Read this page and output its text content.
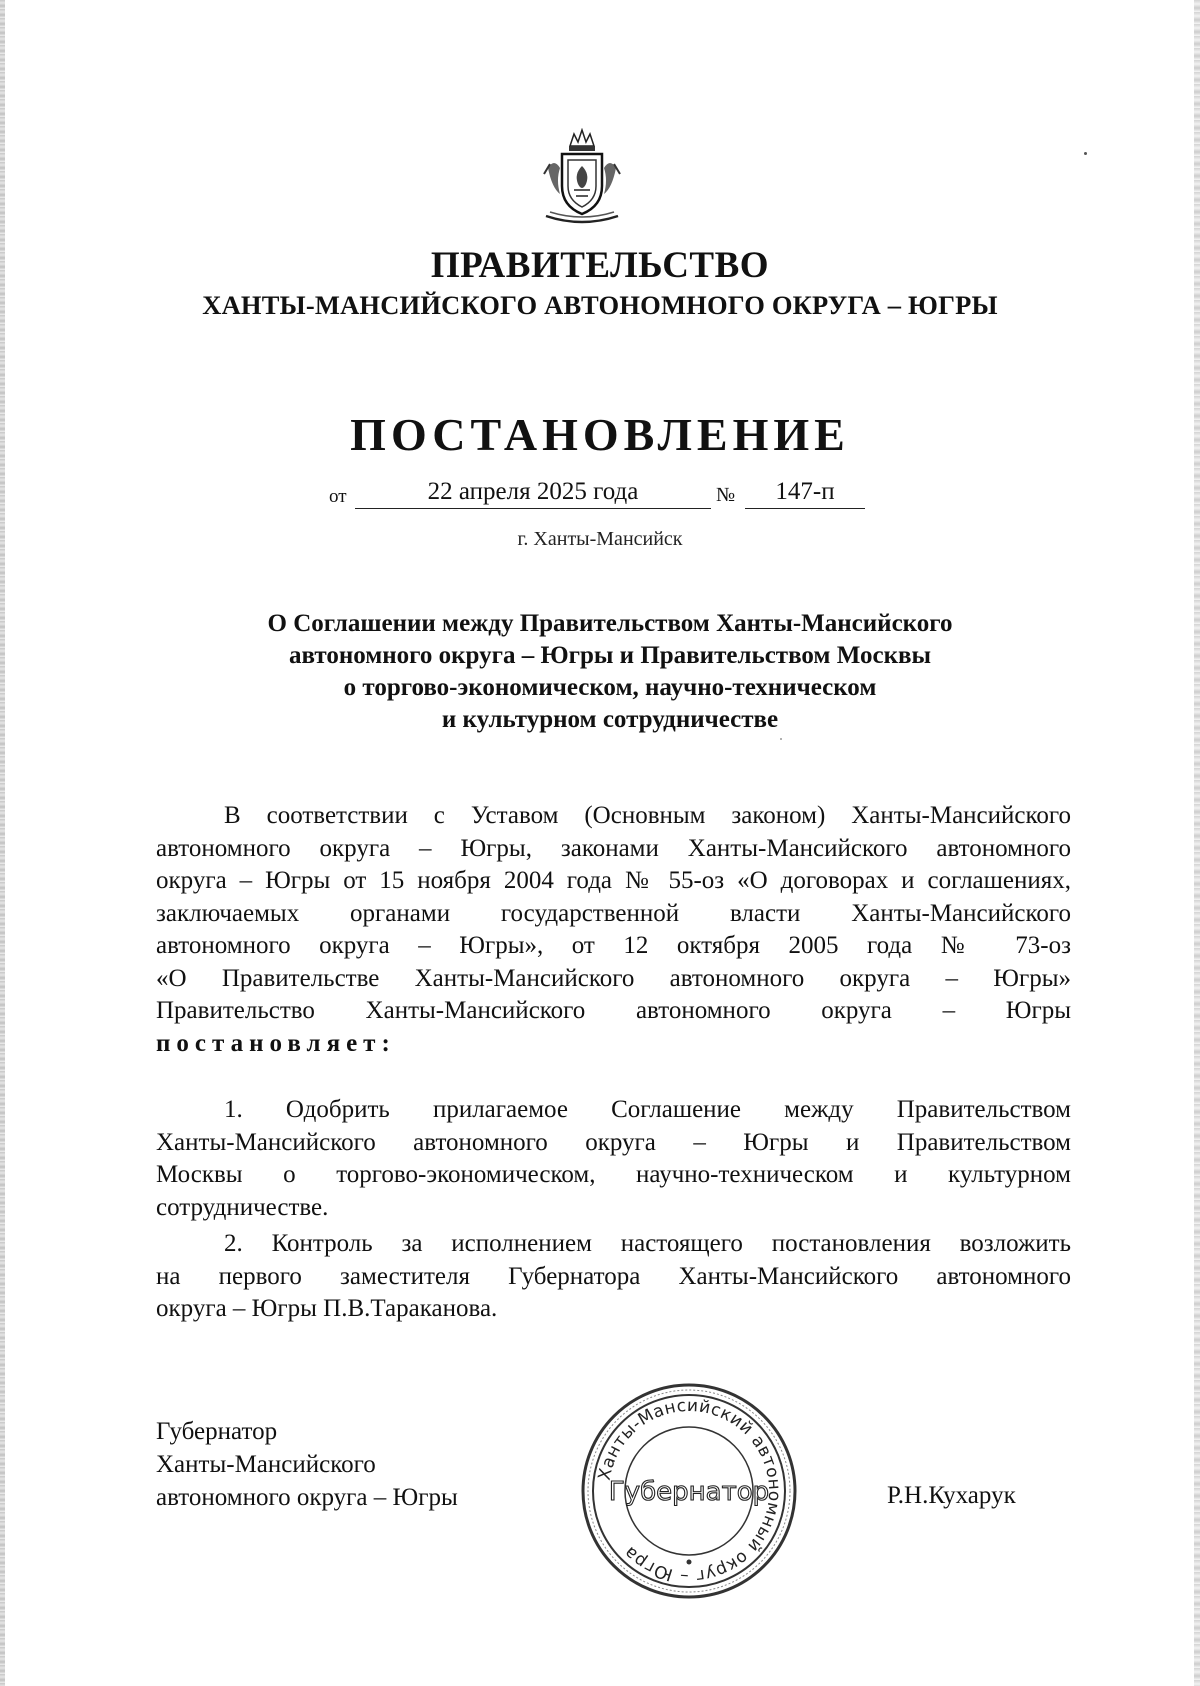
ПРАВИТЕЛЬСТВО
ХАНТЫ-МАНСИЙСКОГО АВТОНОМНОГО ОКРУГА – ЮГРЫ
ПОСТАНОВЛЕНИЕ
от	22 апреля 2025 года	№	147-п
г. Ханты-Мансийск
О Соглашении между Правительством Ханты-Мансийского
автономного округа – Югры и Правительством Москвы
о торгово-экономическом, научно-техническом
и культурном сотрудничестве
В соответствии с Уставом (Основным законом) Ханты-Мансийского
автономного округа – Югры, законами Ханты-Мансийского автономного
округа – Югры от 15 ноября 2004 года № 55-оз «О договорах и соглашениях,
заключаемых органами государственной власти Ханты-Мансийского
автономного округа – Югры», от 12 октября 2005 года № 73-оз
«О Правительстве Ханты-Мансийского автономного округа – Югры»
Правительство Ханты-Мансийского автономного округа – Югры
постановляет:
1. Одобрить прилагаемое Соглашение между Правительством
Ханты-Мансийского автономного округа – Югры и Правительством
Москвы о торгово-экономическом, научно-техническом и культурном
сотрудничестве.
2. Контроль за исполнением настоящего постановления возложить
на первого заместителя Губернатора Ханты-Мансийского автономного
округа – Югры П.В.Тараканова.
Губернатор
Ханты-Мансийского
автономного округа – Югры
Ханты-Мансийский автономный округ – Югра
Губернатор	Р.Н.Кухарук
